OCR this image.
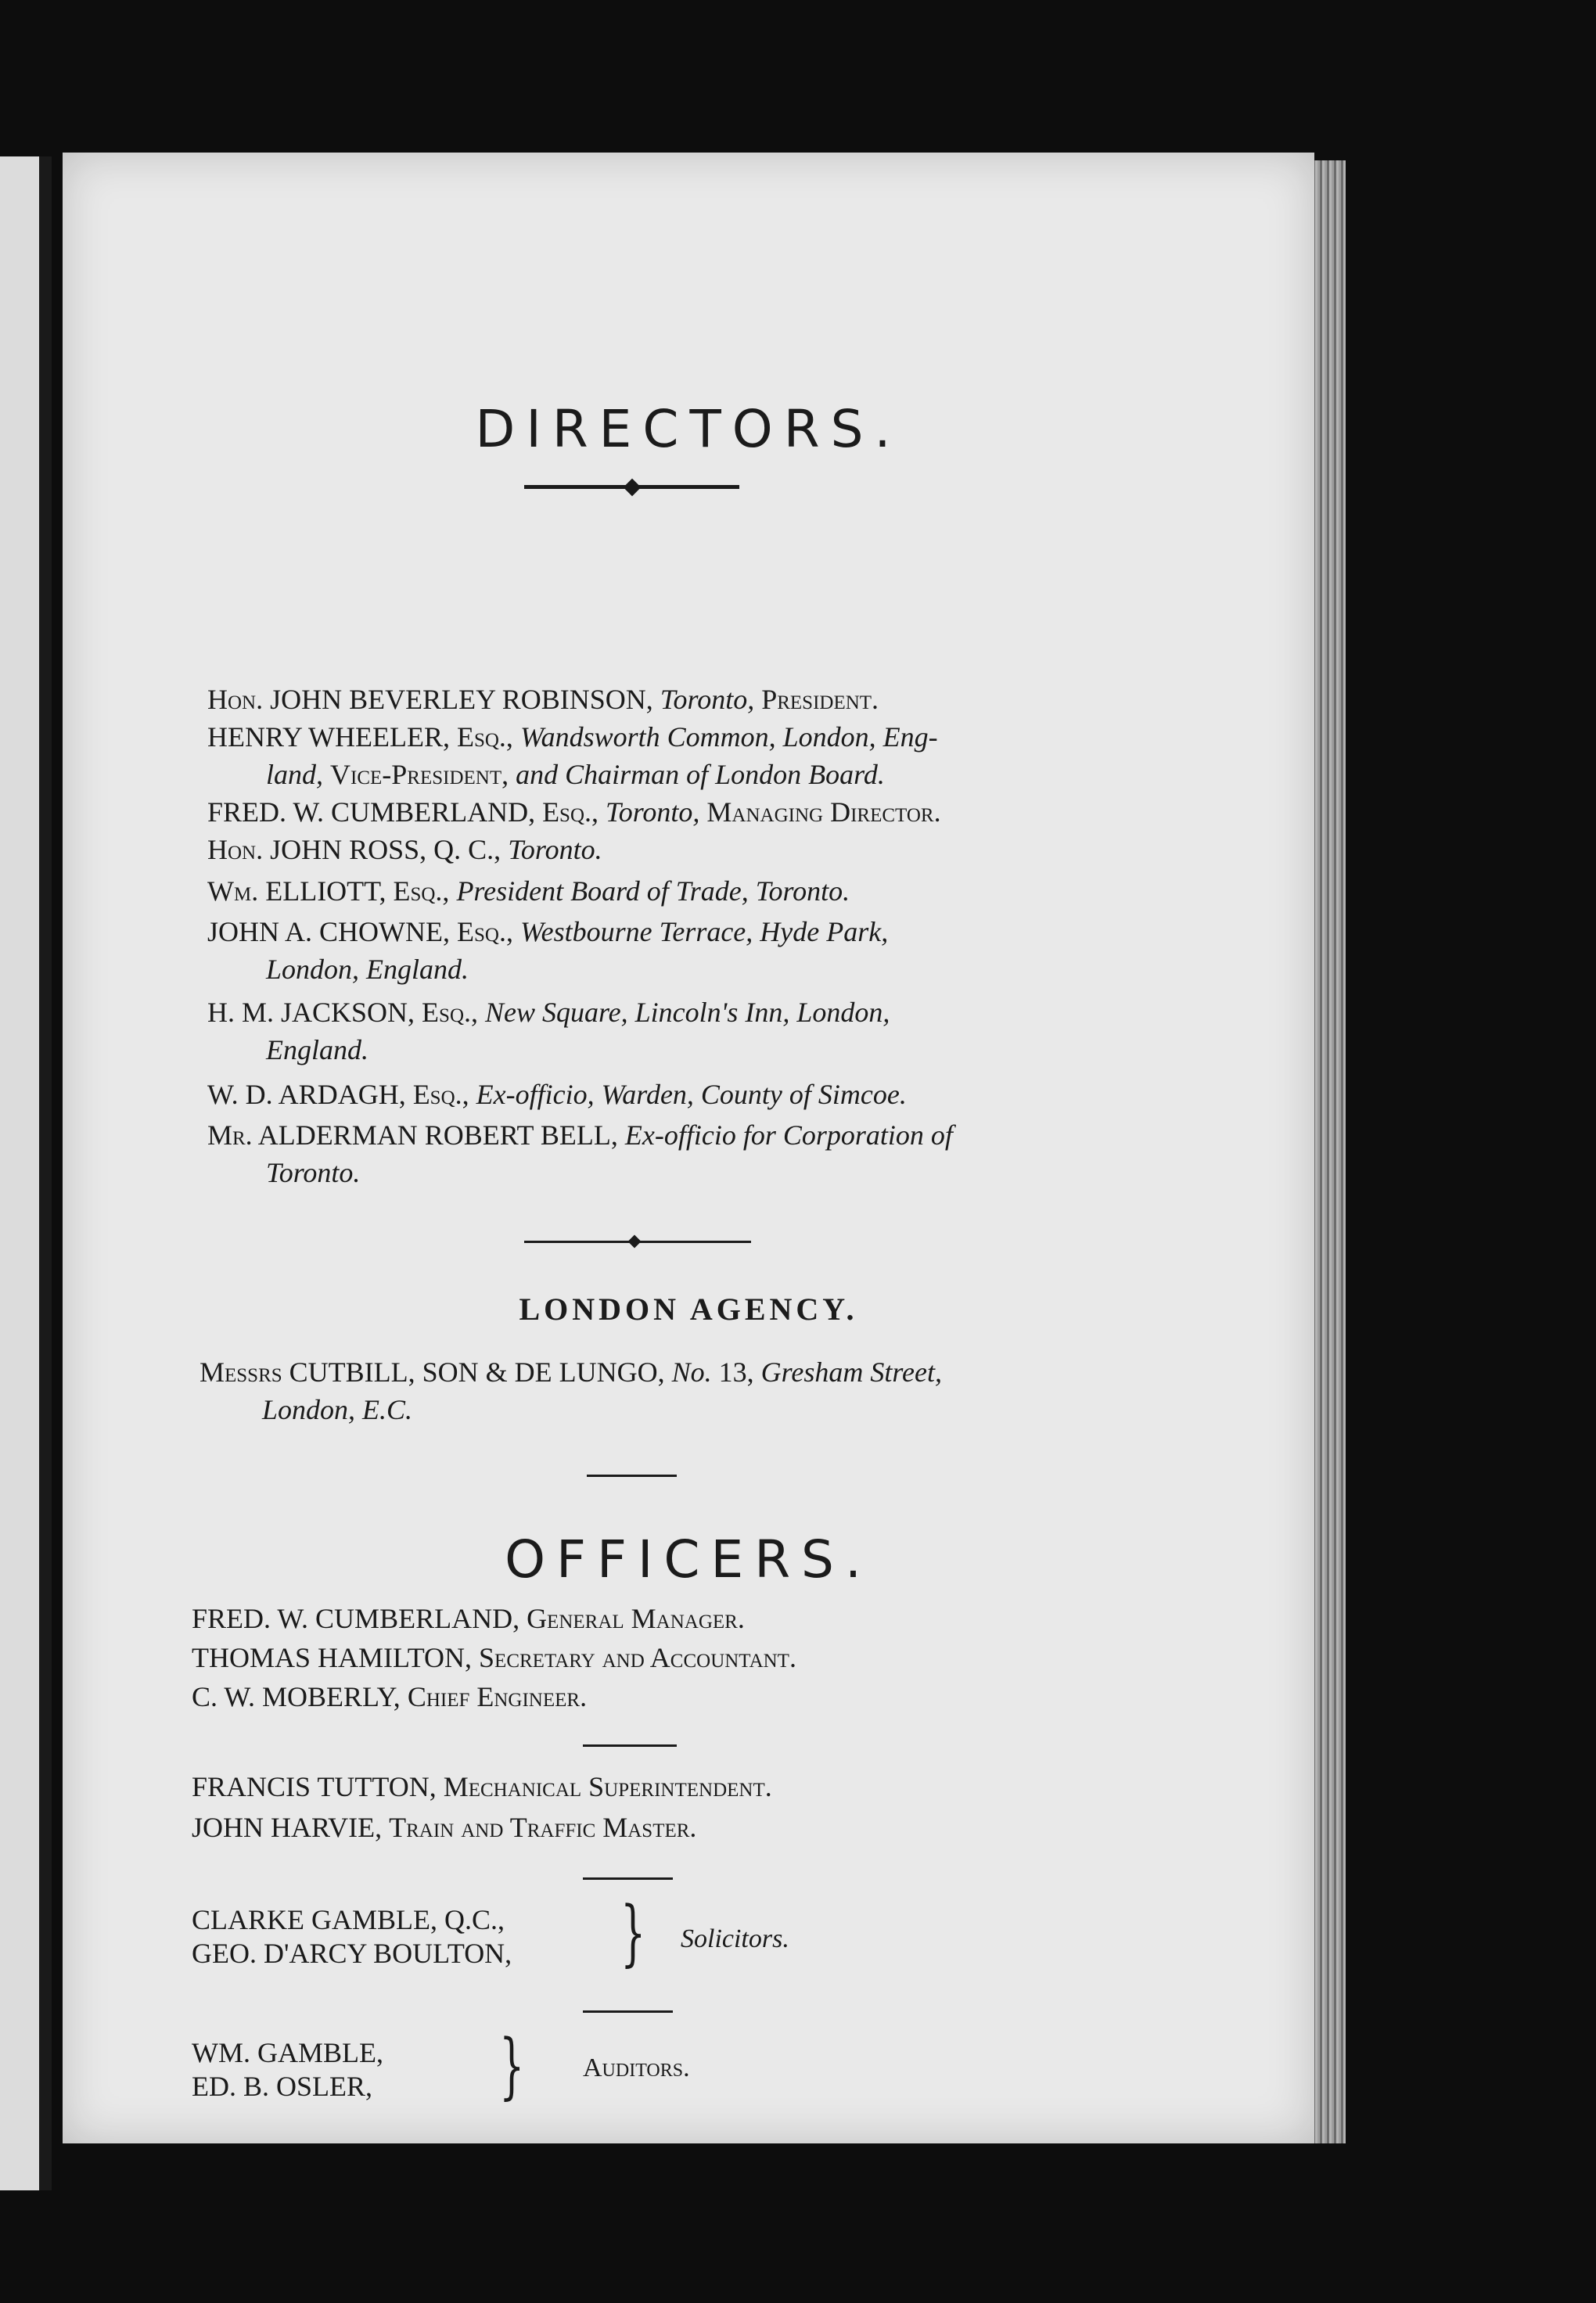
DIRECTORS.
Hon. JOHN BEVERLEY ROBINSON, Toronto, President.
HENRY WHEELER, Esq., Wandsworth Common, London, Eng-
land, Vice-President, and Chairman of London Board.
FRED. W. CUMBERLAND, Esq., Toronto, Managing Director.
Hon. JOHN ROSS, Q. C., Toronto.
Wm. ELLIOTT, Esq., President Board of Trade, Toronto.
JOHN A. CHOWNE, Esq., Westbourne Terrace, Hyde Park,
London, England.
H. M. JACKSON, Esq., New Square, Lincoln's Inn, London,
England.
W. D. ARDAGH, Esq., Ex-officio, Warden, County of Simcoe.
Mr. ALDERMAN ROBERT BELL, Ex-officio for Corporation of
Toronto.
LONDON AGENCY.
Messrs CUTBILL, SON & DE LUNGO, No. 13, Gresham Street,
London, E.C.
OFFICERS.
FRED. W. CUMBERLAND, General Manager.
THOMAS HAMILTON, Secretary and Accountant.
C. W. MOBERLY, Chief Engineer.
FRANCIS TUTTON, Mechanical Superintendent.
JOHN HARVIE, Train and Traffic Master.
CLARKE GAMBLE, Q.C.,
GEO. D'ARCY BOULTON, } Solicitors.
WM. GAMBLE,
ED. B. OSLER, } Auditors.
